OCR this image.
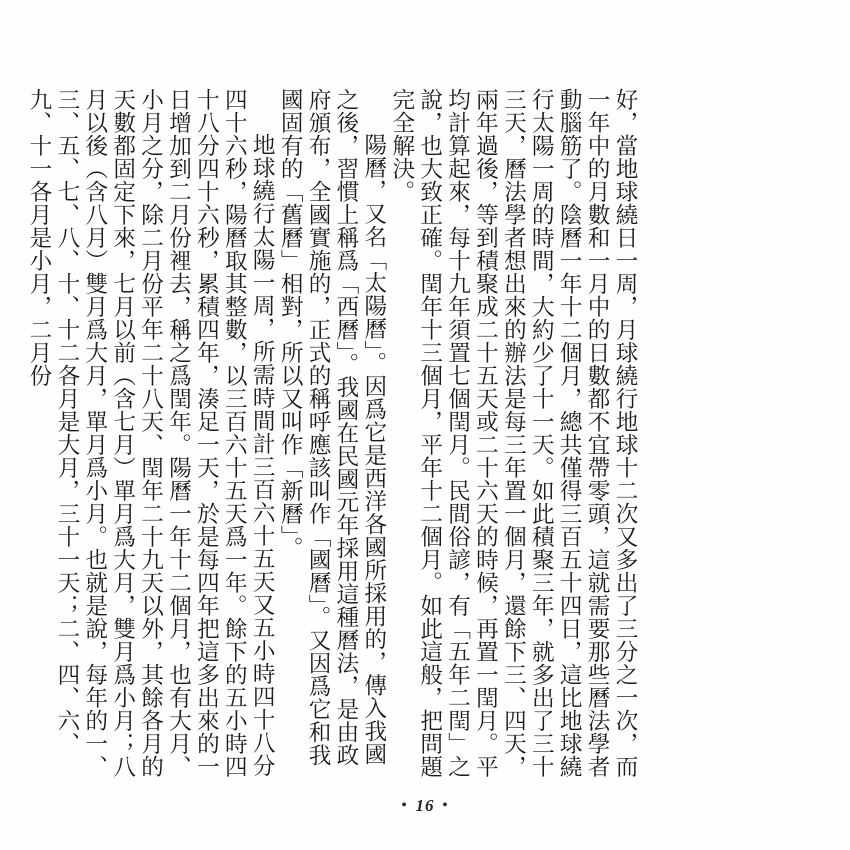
好，當地球繞日一周，月球繞行地球十二次又多出了三分之一次，而一年中的月數和一月中的日數都不宜帶零頭，這就需要那些曆法學者動腦筋了。陰曆一年十二個月，總共僅得三百五十四日，這比地球繞行太陽一周的時間，大約少了十一天。如此積聚三年，就多出了三十三天，曆法學者想出來的辦法是每三年置一個月，還餘下三、四天，兩年過後，等到積聚成二十五天或二十六天的時候，再置一閏月。平均計算起來，每十九年須置七個閏月。民間俗諺，有「五年二閏」之說，也大致正確。閏年十三個月，平年十二個月。如此這般，把問題完全解決。

陽曆，又名「太陽曆」。因爲它是西洋各國所採用的，傳入我國之後，習慣上稱爲「西曆」。我國在民國元年採用這種曆法，是由政府頒布，全國實施的，正式的稱呼應該叫作「國曆」。又因爲它和我國固有的「舊曆」相對，所以又叫作「新曆」。

地球繞行太陽一周，所需時間計三百六十五天又五小時四十八分四十六秒，陽曆取其整數，以三百六十五天爲一年。餘下的五小時四十八分四十六秒，累積四年，湊足一天，於是每四年把這多出來的一日增加到二月份裡去，稱之爲閏年。陽曆一年十二個月，也有大月、小月之分，除二月份平年二十八天、閏年二十九天以外，其餘各月的天數都固定下來，七月以前（含七月）單月爲大月，雙月爲小月；八月以後（含八月）雙月爲大月，單月爲小月。也就是說，每年的一、三、五、七、八、十、十二各月是大月，三十一天；二、四、六、九、十一各月是小月，二月份

• 16 •
